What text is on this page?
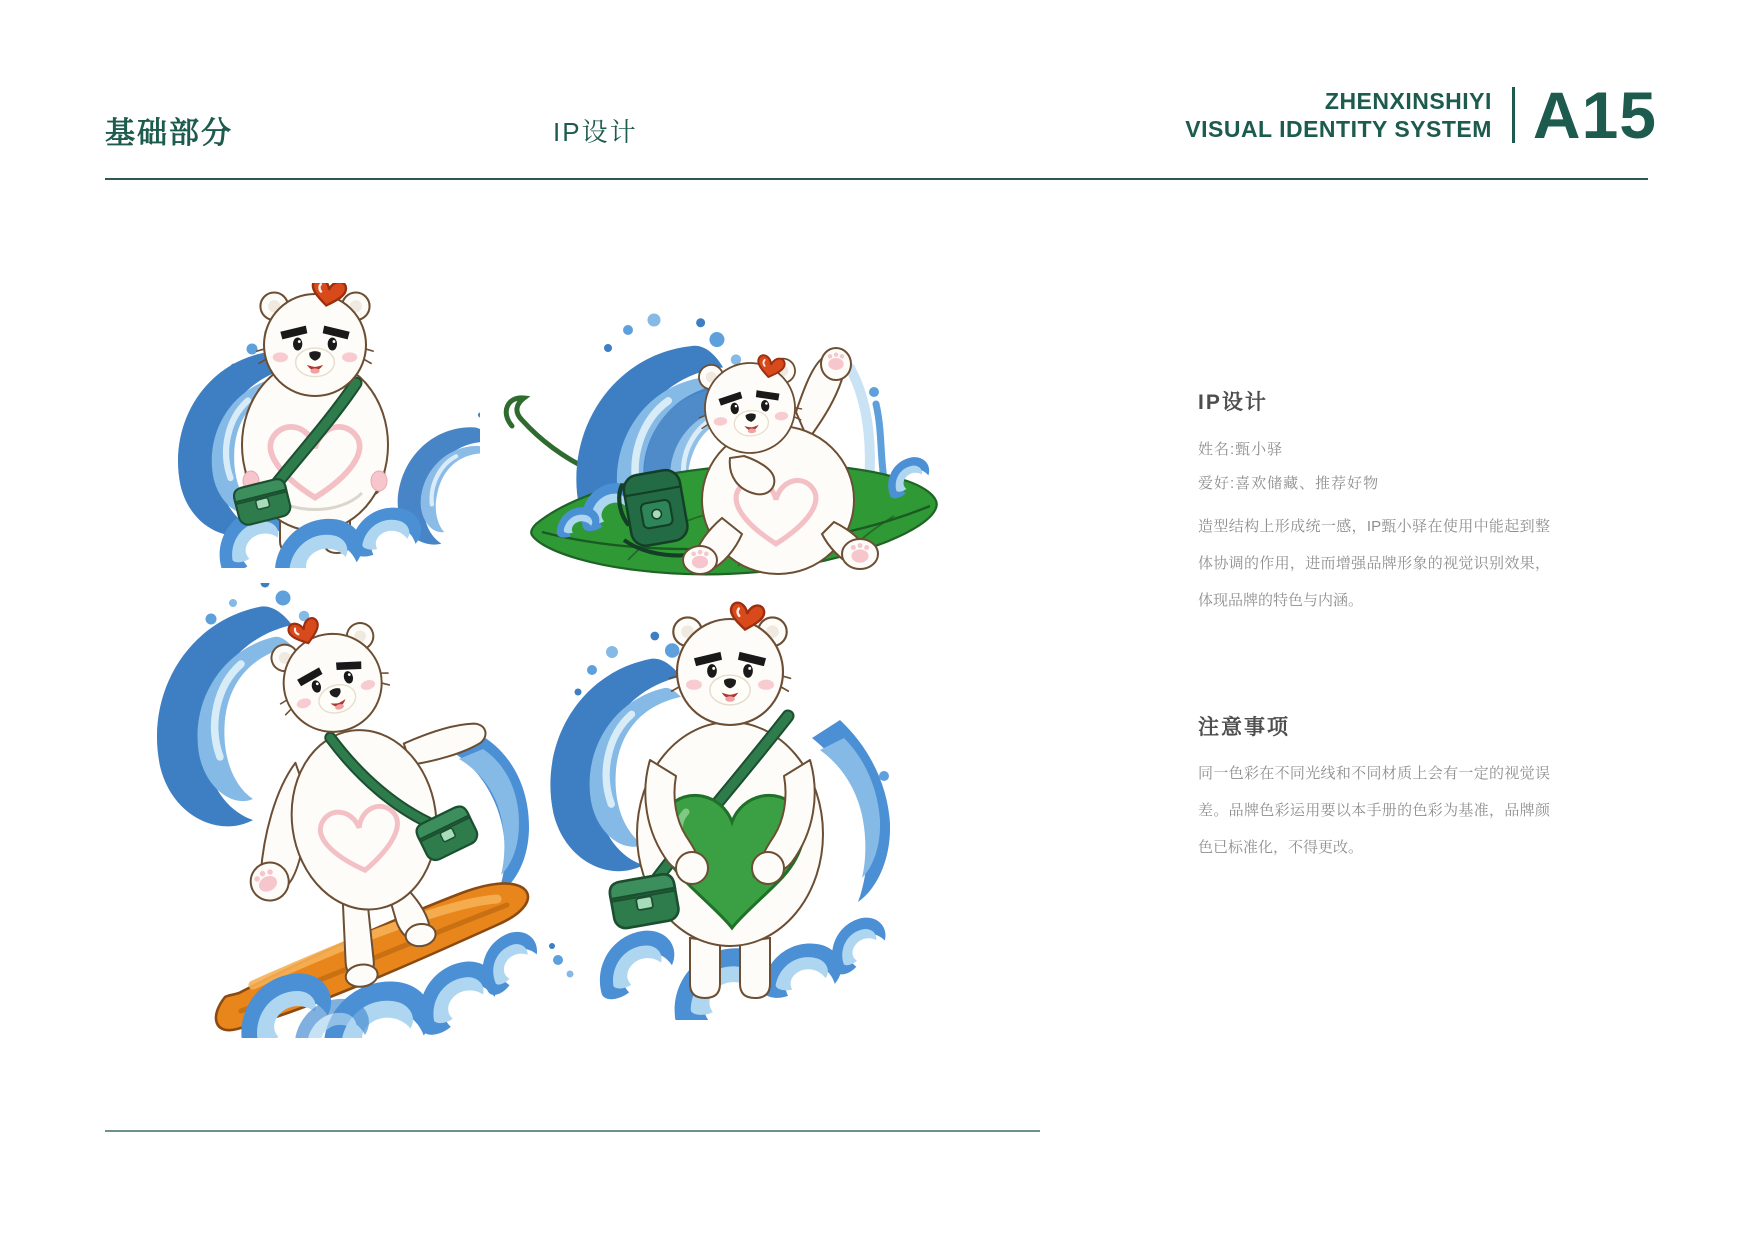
基础部分	IP设计
ZHENXINSHIYI
VISUAL IDENTITY SYSTEM A15
IP设计

姓名:甄小驿

爱好:喜欢储藏、推荐好物

造型结构上形成统一感，IP甄小驿在使用中能起到整体协调的作用，进而增强品牌形象的视觉识别效果，体现品牌的特色与内涵。

注意事项

同一色彩在不同光线和不同材质上会有一定的视觉误差。品牌色彩运用要以本手册的色彩为基准，品牌颜色已标准化，不得更改。
